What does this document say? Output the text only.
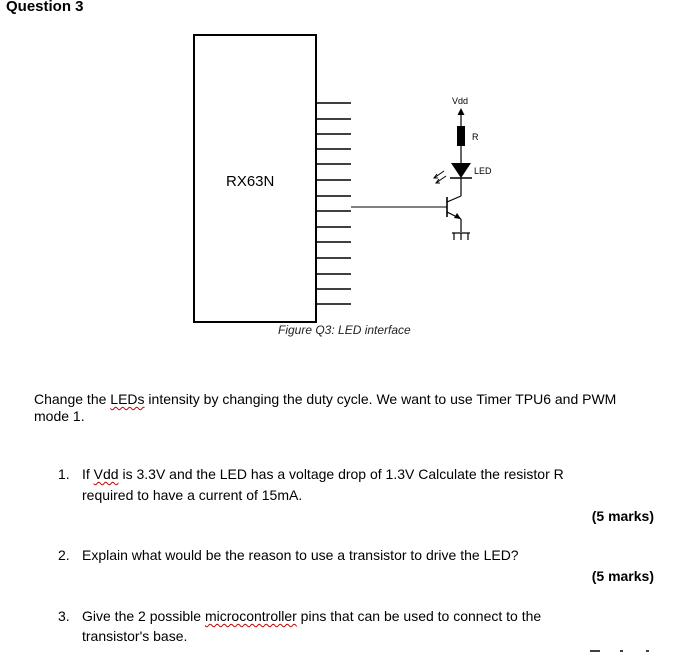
Question 3
RX63N
Vdd
R
LED
Figure Q3: LED interface
Change the LEDs intensity by changing the duty cycle. We want to use Timer TPU6 and PWM mode 1.
1. If Vdd is 3.3V and the LED has a voltage drop of 1.3V Calculate the resistor R
required to have a current of 15mA.
(5 marks)
2. Explain what would be the reason to use a transistor to drive the LED?
(5 marks)
3. Give the 2 possible microcontroller pins that can be used to connect to the
transistor's base.
